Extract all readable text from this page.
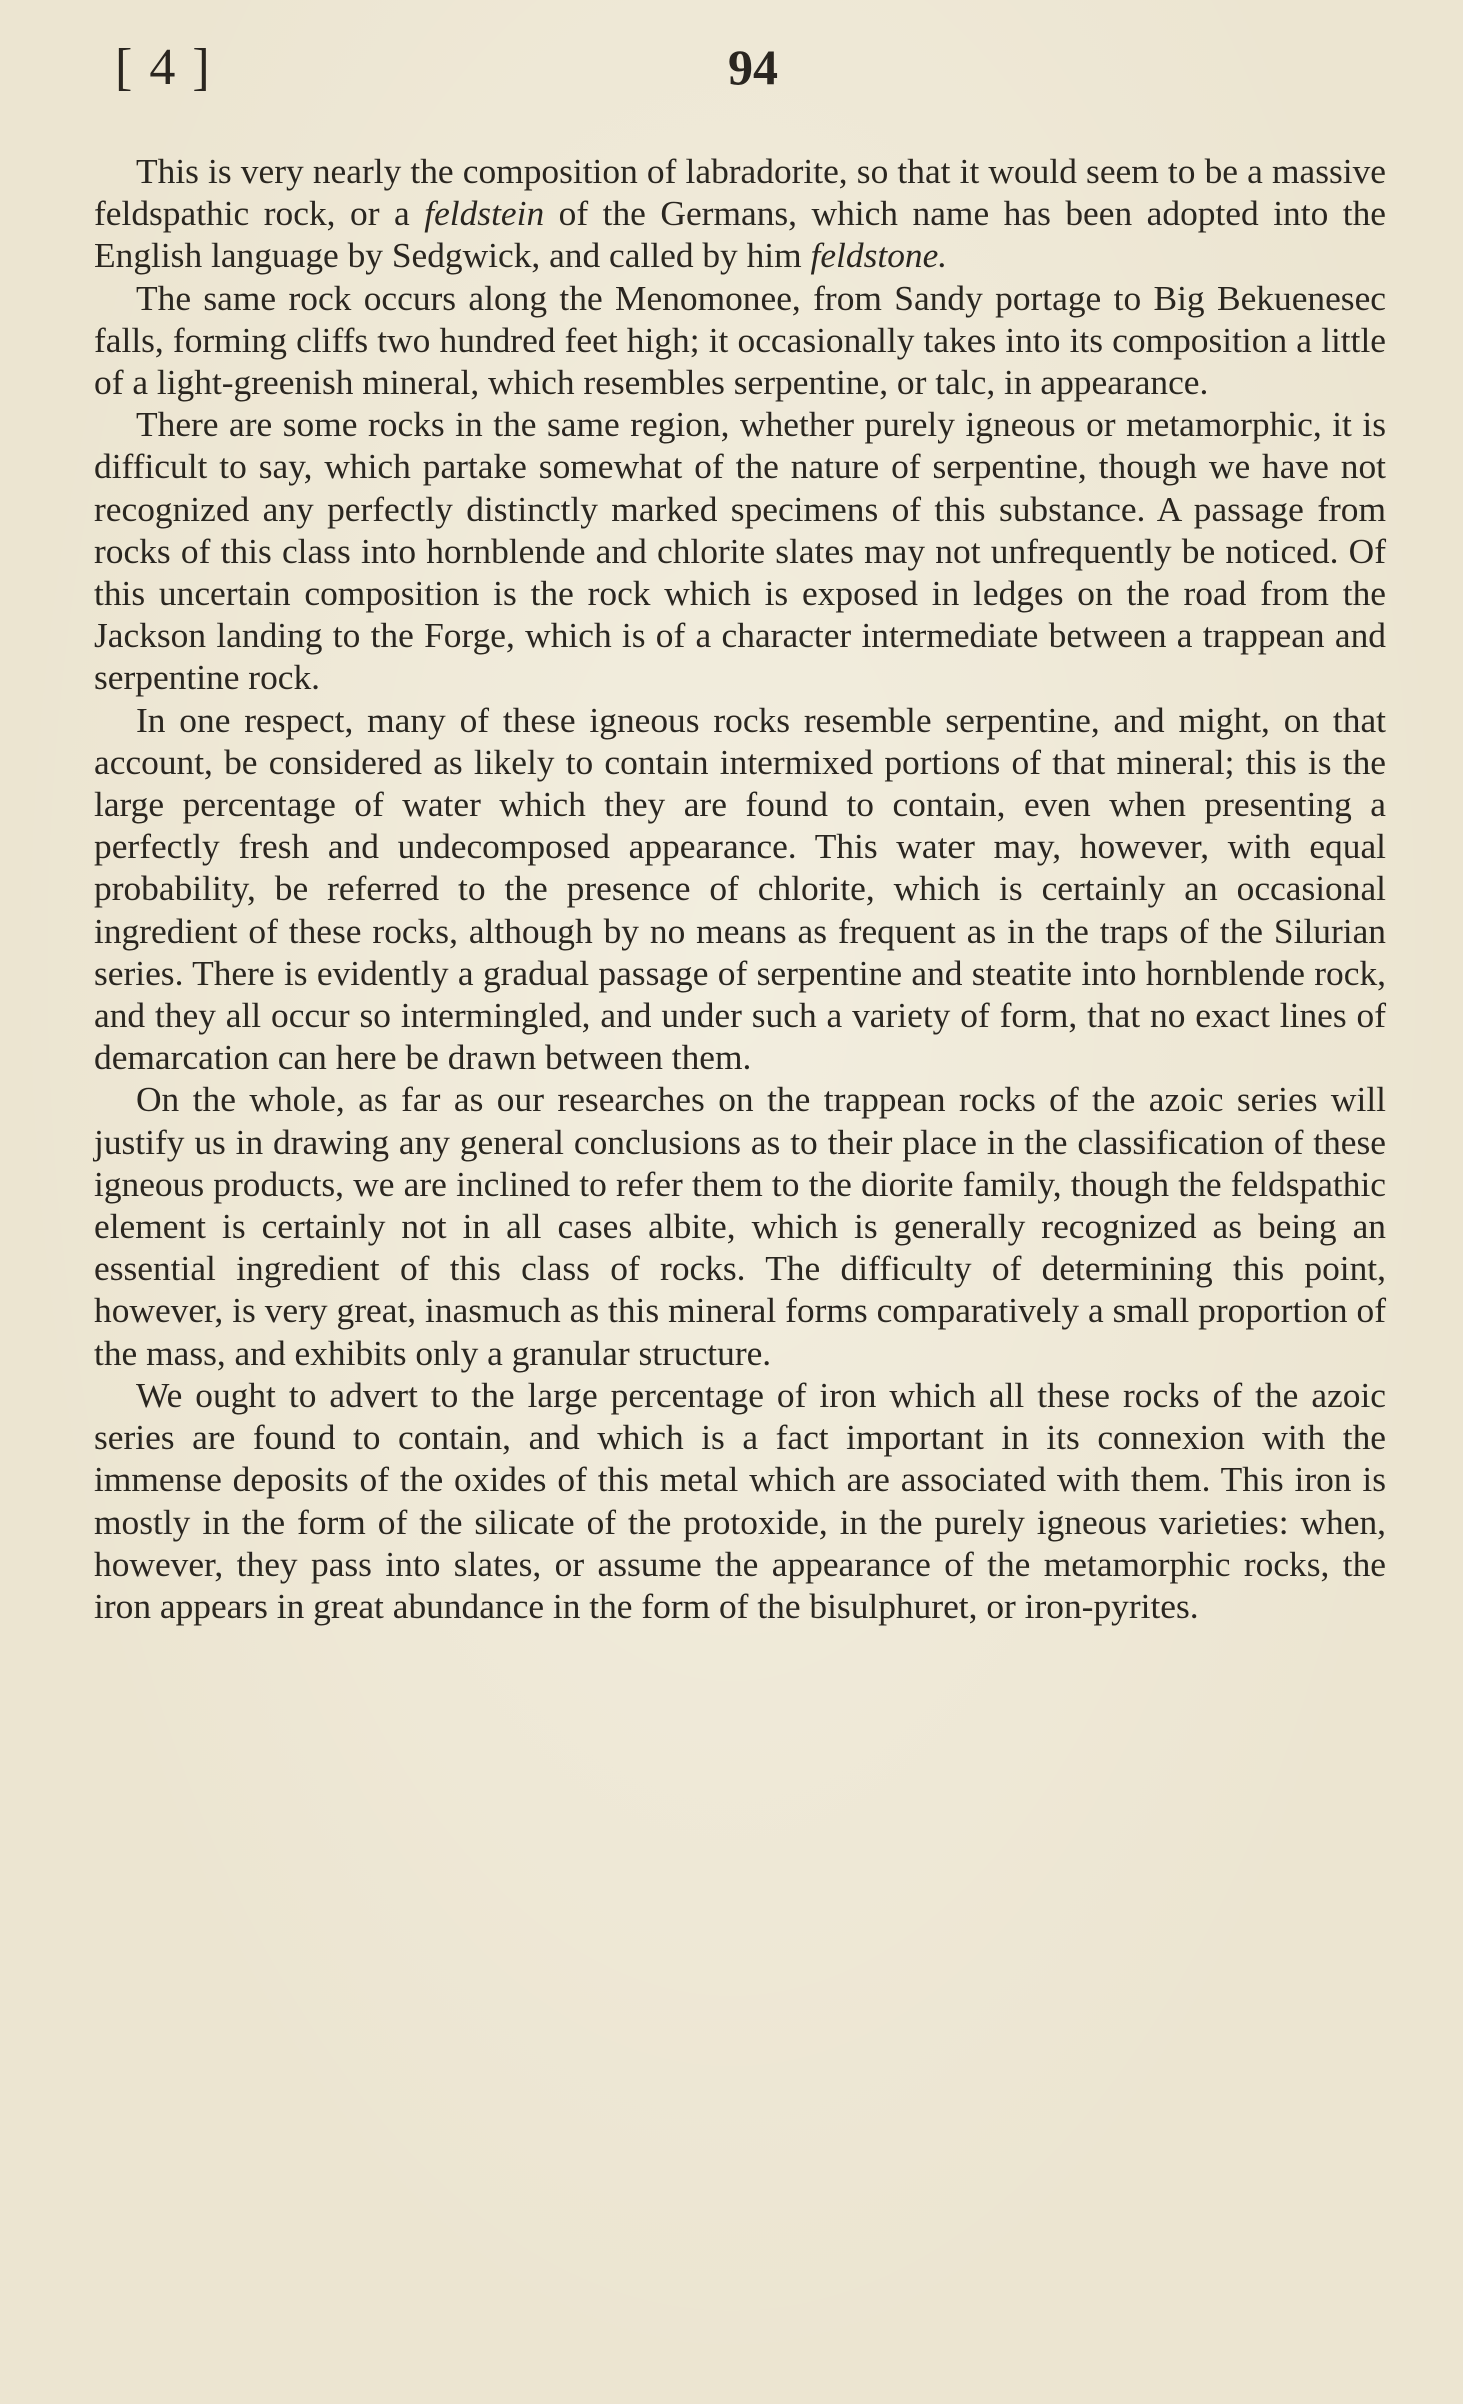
[ 4 ]	94

This is very nearly the composition of labradorite, so that it would seem to be a massive feldspathic rock, or a feldstein of the Germans, which name has been adopted into the English language by Sedgwick, and called by him feldstone.

The same rock occurs along the Menomonee, from Sandy portage to Big Bekuenesec falls, forming cliffs two hundred feet high; it occasionally takes into its composition a little of a light-greenish mineral, which resembles serpentine, or talc, in appearance.

There are some rocks in the same region, whether purely igneous or metamorphic, it is difficult to say, which partake somewhat of the nature of serpentine, though we have not recognized any perfectly distinctly marked specimens of this substance. A passage from rocks of this class into hornblende and chlorite slates may not unfrequently be noticed. Of this uncertain composition is the rock which is exposed in ledges on the road from the Jackson landing to the Forge, which is of a character intermediate between a trappean and serpentine rock.

In one respect, many of these igneous rocks resemble serpentine, and might, on that account, be considered as likely to contain intermixed portions of that mineral; this is the large percentage of water which they are found to contain, even when presenting a perfectly fresh and undecomposed appearance. This water may, however, with equal probability, be referred to the presence of chlorite, which is certainly an occasional ingredient of these rocks, although by no means as frequent as in the traps of the Silurian series. There is evidently a gradual passage of serpentine and steatite into hornblende rock, and they all occur so intermingled, and under such a variety of form, that no exact lines of demarcation can here be drawn between them.

On the whole, as far as our researches on the trappean rocks of the azoic series will justify us in drawing any general conclusions as to their place in the classification of these igneous products, we are inclined to refer them to the diorite family, though the feldspathic element is certainly not in all cases albite, which is generally recognized as being an essential ingredient of this class of rocks. The difficulty of determining this point, however, is very great, inasmuch as this mineral forms comparatively a small proportion of the mass, and exhibits only a granular structure.

We ought to advert to the large percentage of iron which all these rocks of the azoic series are found to contain, and which is a fact important in its connexion with the immense deposits of the oxides of this metal which are associated with them. This iron is mostly in the form of the silicate of the protoxide, in the purely igneous varieties: when, however, they pass into slates, or assume the appearance of the metamorphic rocks, the iron appears in great abundance in the form of the bisulphuret, or iron-pyrites.
